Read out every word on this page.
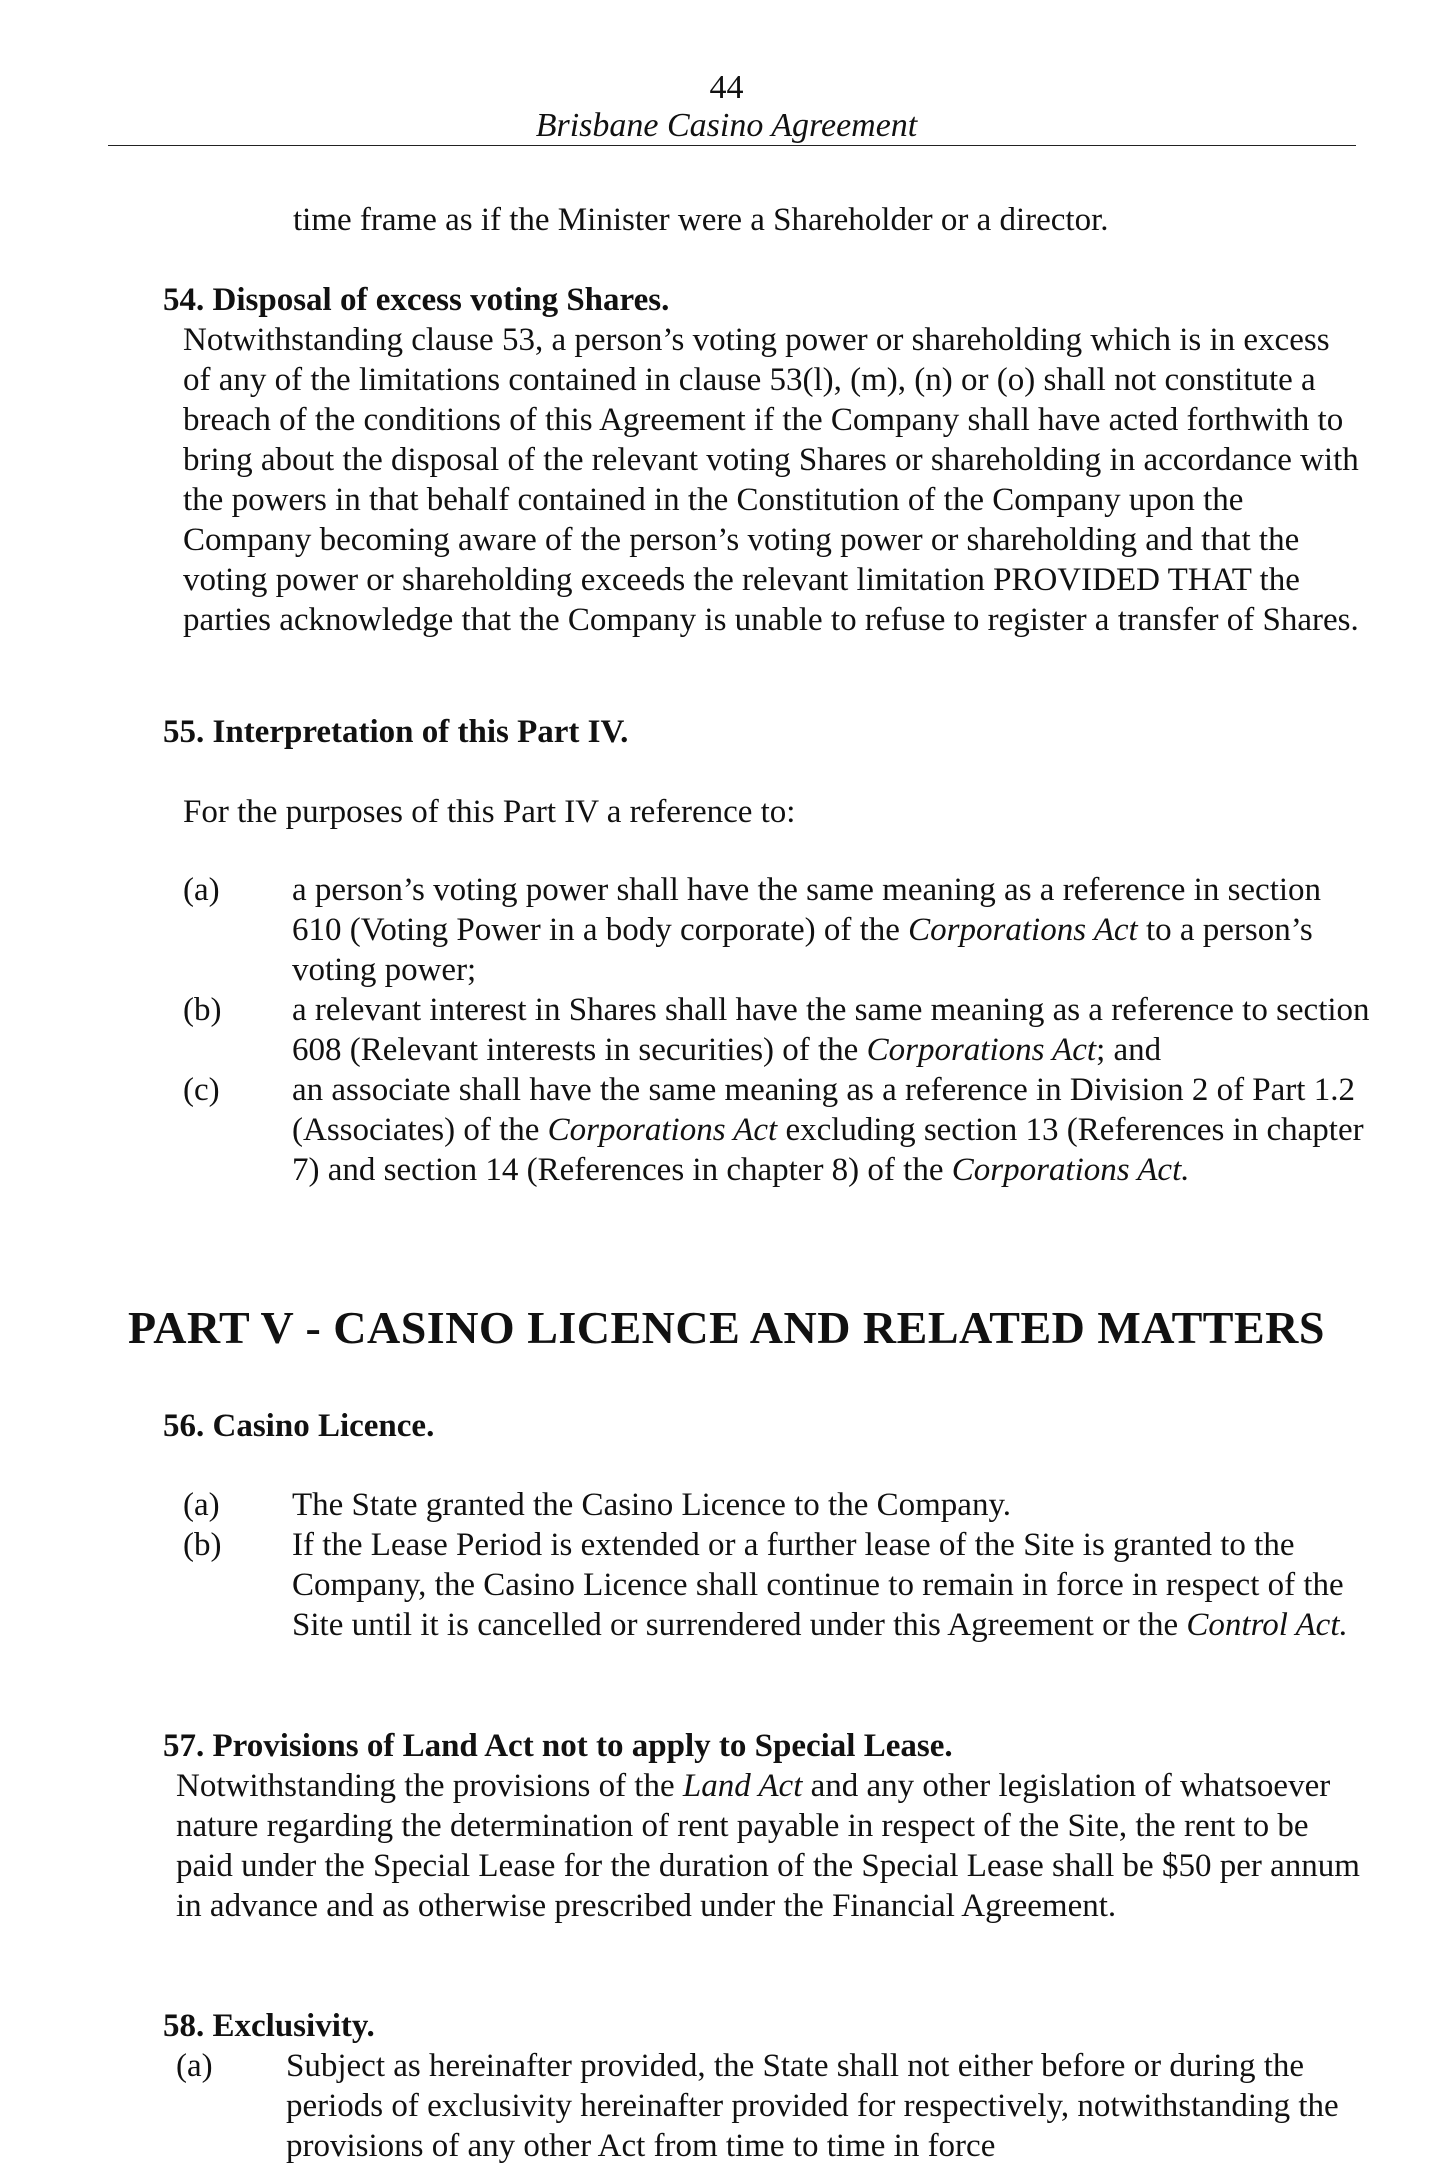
44
Brisbane Casino Agreement
time frame as if the Minister were a Shareholder or a director.
54. Disposal of excess voting Shares.
Notwithstanding clause 53, a person’s voting power or shareholding which is in excess of any of the limitations contained in clause 53(l), (m), (n) or (o) shall not constitute a breach of the conditions of this Agreement if the Company shall have acted forthwith to bring about the disposal of the relevant voting Shares or shareholding in accordance with the powers in that behalf contained in the Constitution of the Company upon the Company becoming aware of the person’s voting power or shareholding and that the voting power or shareholding exceeds the relevant limitation PROVIDED THAT the parties acknowledge that the Company is unable to refuse to register a transfer of Shares.
55. Interpretation of this Part IV.
For the purposes of this Part IV a reference to:
(a) a person’s voting power shall have the same meaning as a reference in section 610 (Voting Power in a body corporate) of the Corporations Act to a person’s voting power;
(b) a relevant interest in Shares shall have the same meaning as a reference to section 608 (Relevant interests in securities) of the Corporations Act; and
(c) an associate shall have the same meaning as a reference in Division 2 of Part 1.2 (Associates) of the Corporations Act excluding section 13 (References in chapter 7) and section 14 (References in chapter 8) of the Corporations Act.
PART V - CASINO LICENCE AND RELATED MATTERS
56. Casino Licence.
(a) The State granted the Casino Licence to the Company.
(b) If the Lease Period is extended or a further lease of the Site is granted to the Company, the Casino Licence shall continue to remain in force in respect of the Site until it is cancelled or surrendered under this Agreement or the Control Act.
57. Provisions of Land Act not to apply to Special Lease.
Notwithstanding the provisions of the Land Act and any other legislation of whatsoever nature regarding the determination of rent payable in respect of the Site, the rent to be paid under the Special Lease for the duration of the Special Lease shall be $50 per annum in advance and as otherwise prescribed under the Financial Agreement.
58. Exclusivity.
(a) Subject as hereinafter provided, the State shall not either before or during the periods of exclusivity hereinafter provided for respectively, notwithstanding the provisions of any other Act from time to time in force
